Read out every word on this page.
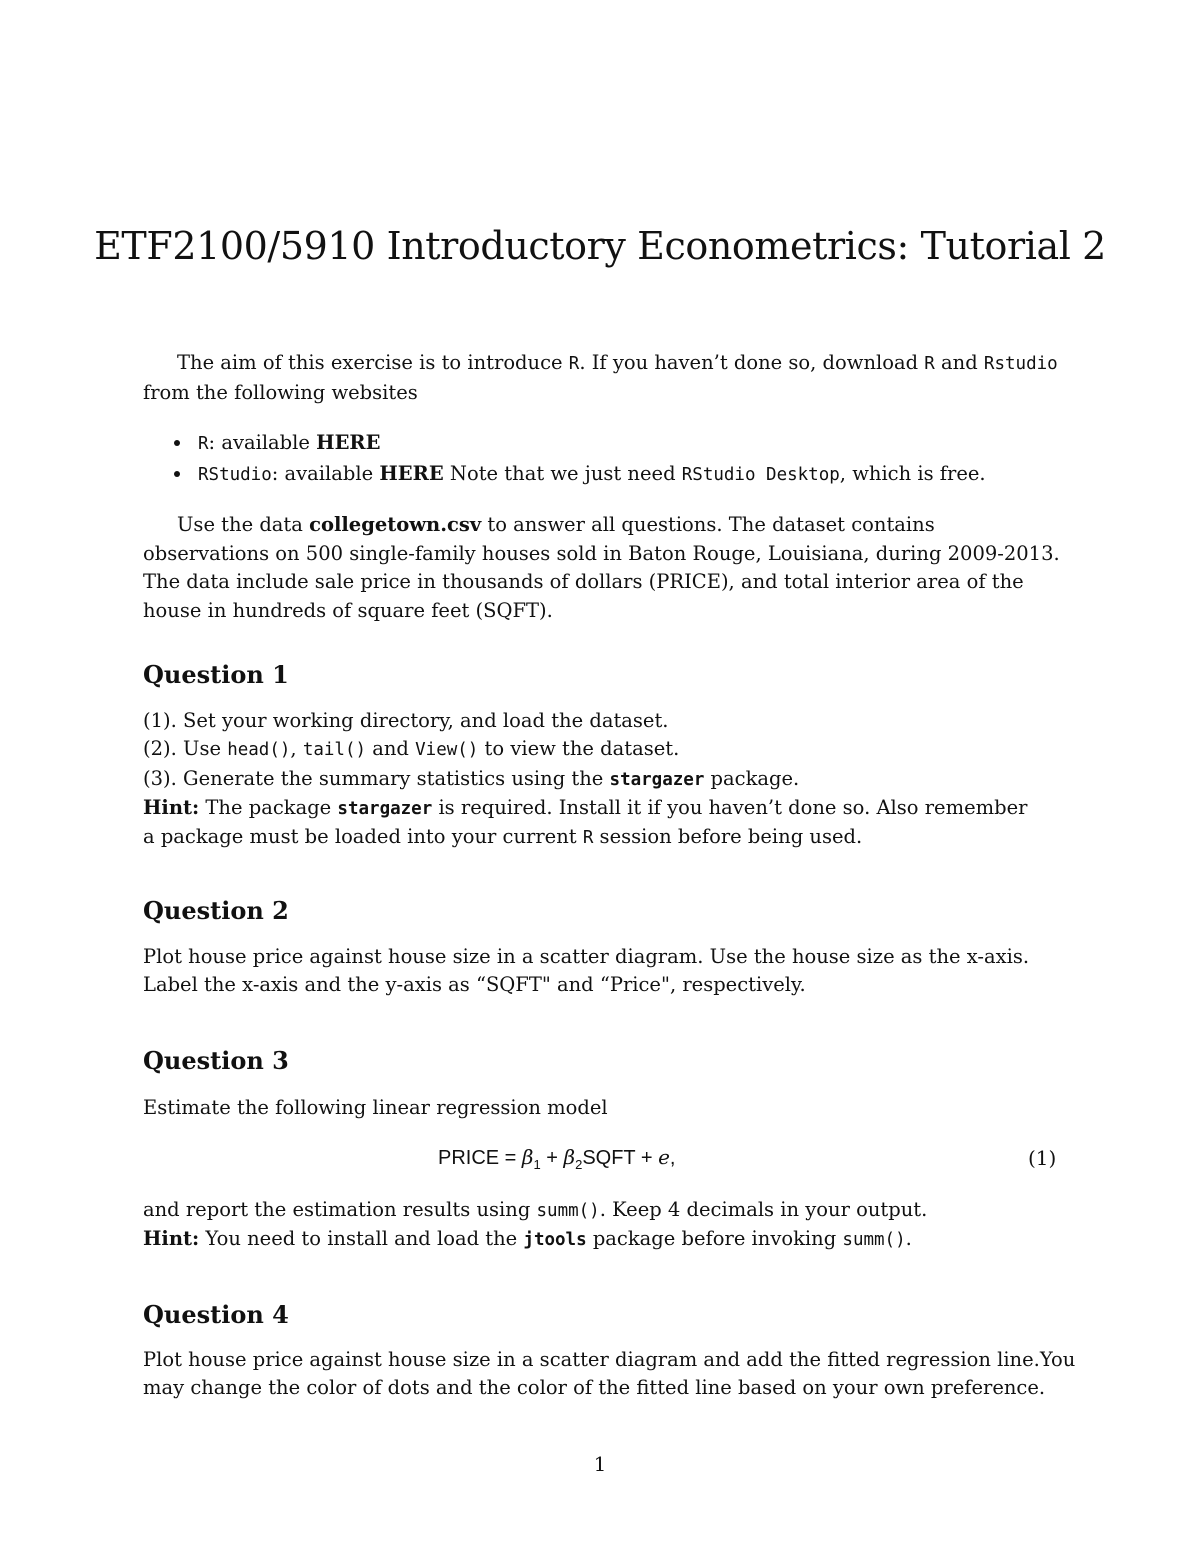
ETF2100/5910 Introductory Econometrics: Tutorial 2
The aim of this exercise is to introduce R. If you haven’t done so, download R and Rstudio from the following websites
R: available HERE
RStudio: available HERE Note that we just need RStudio Desktop, which is free.
Use the data collegetown.csv to answer all questions. The dataset contains observations on 500 single-family houses sold in Baton Rouge, Louisiana, during 2009-2013. The data include sale price in thousands of dollars (PRICE), and total interior area of the house in hundreds of square feet (SQFT).
Question 1
(1). Set your working directory, and load the dataset.
(2). Use head(), tail() and View() to view the dataset.
(3). Generate the summary statistics using the stargazer package.
Hint: The package stargazer is required. Install it if you haven’t done so. Also remember
a package must be loaded into your current R session before being used.
Question 2
Plot house price against house size in a scatter diagram. Use the house size as the x-axis.
Label the x-axis and the y-axis as “SQFT" and “Price", respectively.
Question 3
Estimate the following linear regression model
PRICE = $\beta_1$ + $\beta_2SQFT + e$,	(1)
and report the estimation results using summ(). Keep 4 decimals in your output.
Hint: You need to install and load the jtools package before invoking summ().
Question 4
Plot house price against house size in a scatter diagram and add the fitted regression line.You
may change the color of dots and the color of the fitted line based on your own preference.
1
